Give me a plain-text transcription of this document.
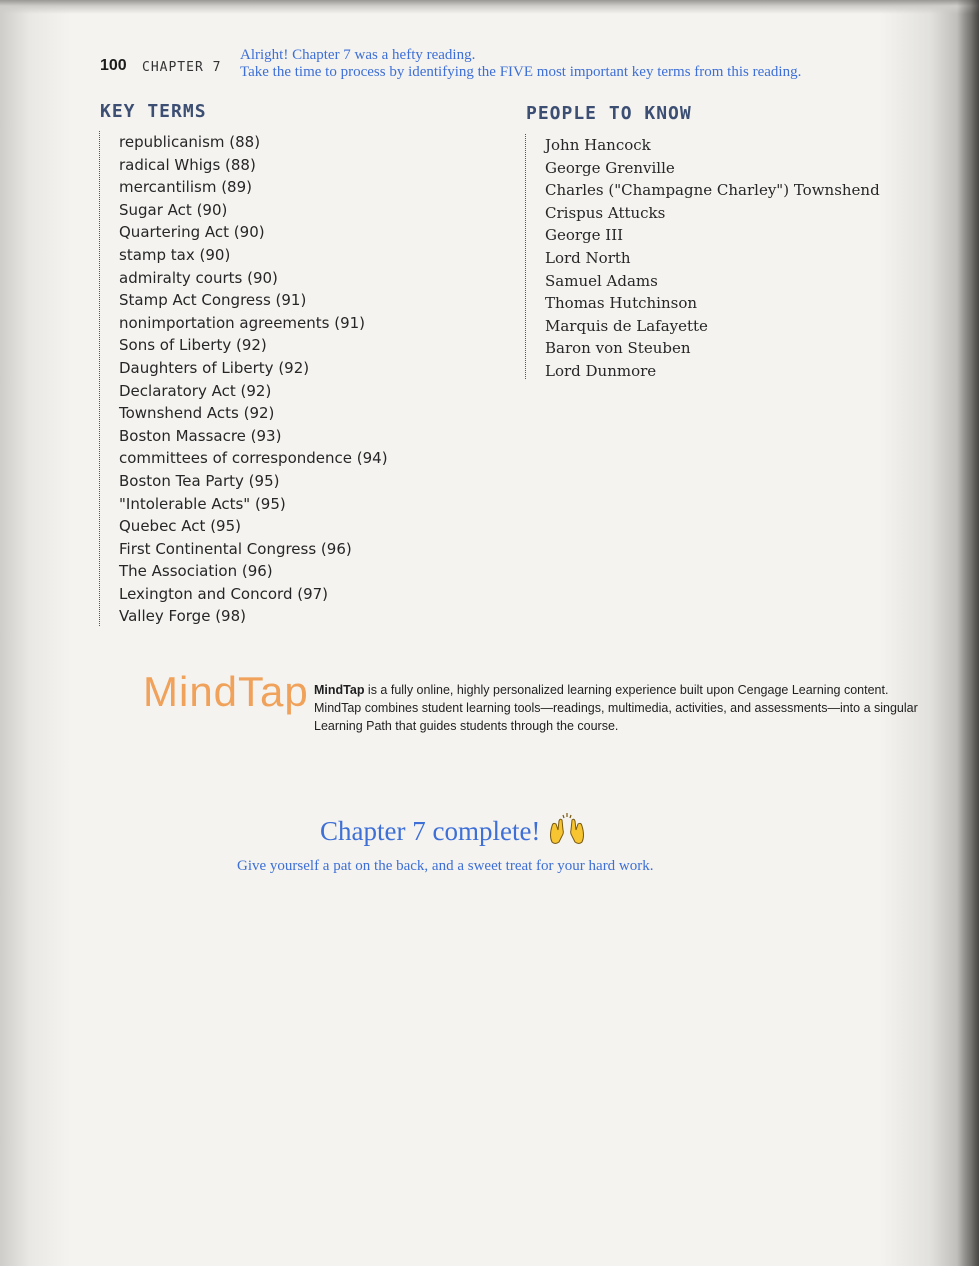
100 CHAPTER 7
Alright! Chapter 7 was a hefty reading.
Take the time to process by identifying the FIVE most important key terms from this reading.
KEY TERMS
republicanism (88)
radical Whigs (88)
mercantilism (89)
Sugar Act (90)
Quartering Act (90)
stamp tax (90)
admiralty courts (90)
Stamp Act Congress (91)
nonimportation agreements (91)
Sons of Liberty (92)
Daughters of Liberty (92)
Declaratory Act (92)
Townshend Acts (92)
Boston Massacre (93)
committees of correspondence (94)
Boston Tea Party (95)
"Intolerable Acts" (95)
Quebec Act (95)
First Continental Congress (96)
The Association (96)
Lexington and Concord (97)
Valley Forge (98)
PEOPLE TO KNOW
John Hancock
George Grenville
Charles ("Champagne Charley") Townshend
Crispus Attucks
George III
Lord North
Samuel Adams
Thomas Hutchinson
Marquis de Lafayette
Baron von Steuben
Lord Dunmore
MindTap MindTap is a fully online, highly personalized learning experience built upon Cengage Learning content. MindTap combines student learning tools—readings, multimedia, activities, and assessments—into a singular Learning Path that guides students through the course.
Chapter 7 complete!
Give yourself a pat on the back, and a sweet treat for your hard work.
